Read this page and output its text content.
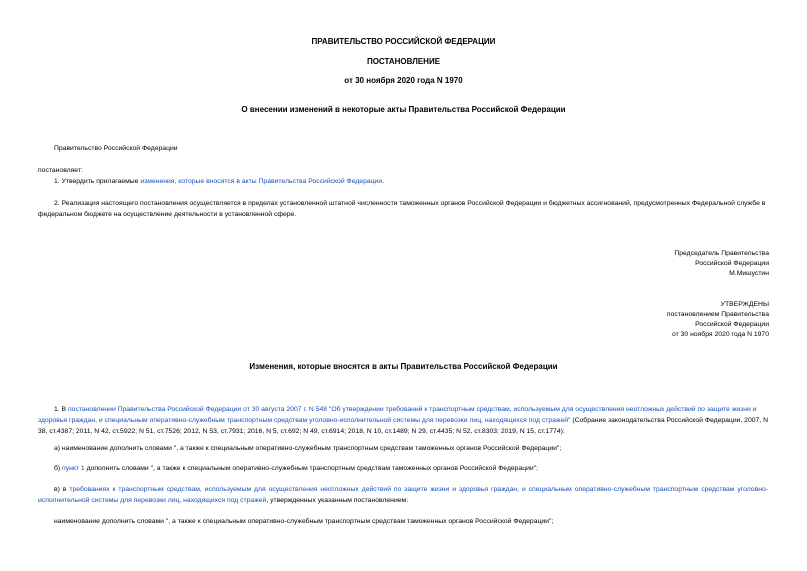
ПРАВИТЕЛЬСТВО РОССИЙСКОЙ ФЕДЕРАЦИИ
ПОСТАНОВЛЕНИЕ
от 30 ноября 2020 года N 1970
О внесении изменений в некоторые акты Правительства Российской Федерации
Правительство Российской Федерации
постановляет:
1. Утвердить прилагаемые изменения, которые вносятся в акты Правительства Российской Федерации.
2. Реализация настоящего постановления осуществляется в пределах установленной штатной численности таможенных органов Российской Федерации и бюджетных ассигнований, предусмотренных Федеральной службе в федеральном бюджете на осуществление деятельности в установленной сфере.
Председатель Правительства
Российской Федерации
М.Мишустин
УТВЕРЖДЕНЫ
постановлением Правительства
Российской Федерации
от 30 ноября 2020 года N 1970
Изменения, которые вносятся в акты Правительства Российской Федерации
1. В постановлении Правительства Российской Федерации от 30 августа 2007 г. N 548 "Об утверждении требований к транспортным средствам, используемым для осуществления неотложных действий по защите жизни и здоровья граждан, и специальным оперативно-служебным транспортным средствам уголовно-исполнительной системы для перевозки лиц, находящихся под стражей" (Собрание законодательства Российской Федерации, 2007, N 38, ст.4387; 2011, N 42, ст.5922; N 51, ст.7526; 2012, N 53, ст.7931; 2016, N 5, ст.692; N 49, ст.6914; 2018, N 10, ст.1489; N 29, ст.4435; N 52, ст.8303; 2019, N 15, ст.1774):
а) наименование дополнить словами ", а также к специальным оперативно-служебным транспортным средствам таможенных органов Российской Федерации";
б) пункт 1 дополнить словами ", а также к специальным оперативно-служебным транспортным средствам таможенных органов Российской Федерации";
в) в требованиях к транспортным средствам, используемым для осуществления неотложных действий по защите жизни и здоровья граждан, и специальным оперативно-служебным транспортным средствам уголовно-исполнительной системы для перевозки лиц, находящихся под стражей, утвержденных указанным постановлением:
наименование дополнить словами ", а также к специальным оперативно-служебным транспортным средствам таможенных органов Российской Федерации";
